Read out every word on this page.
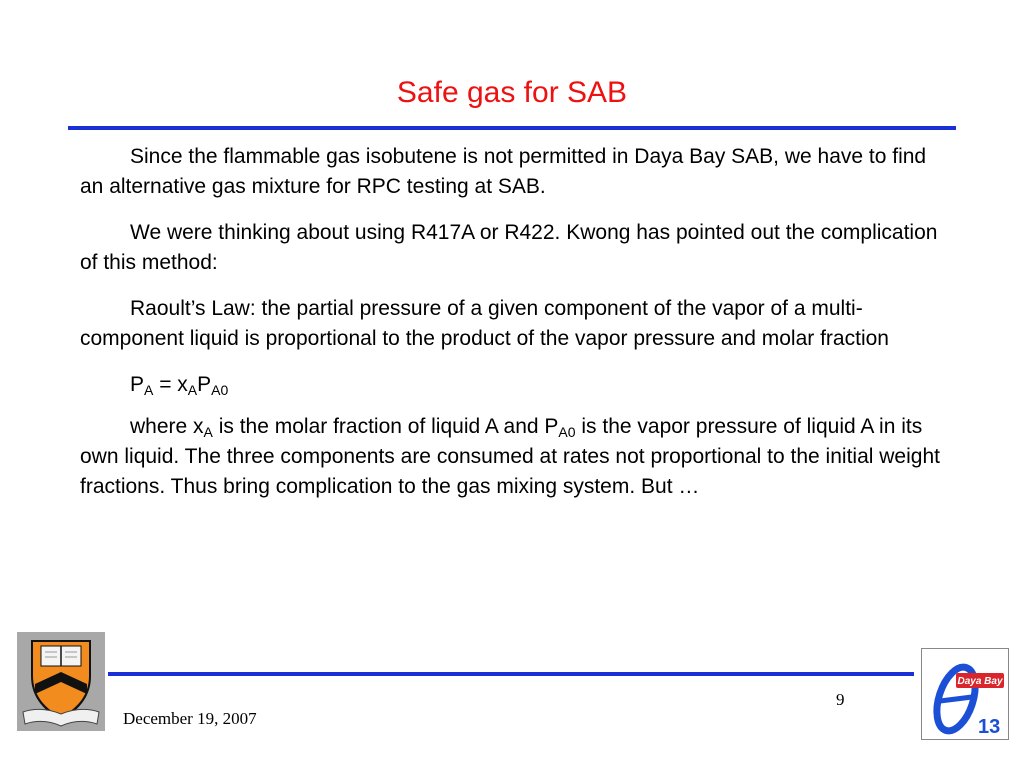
Safe gas for SAB

Since the flammable gas isobutene is not permitted in Daya Bay SAB, we have to find an alternative gas mixture for RPC testing at SAB.

We were thinking about using R417A or R422. Kwong has pointed out the complication of this method:

Raoult’s Law: the partial pressure of a given component of the vapor of a multi-component liquid is proportional to the product of the vapor pressure and molar fraction

$P_A = x_AP_{A0}$

where $x_A$ is the molar fraction of liquid A and $P_{A0}$ is the vapor pressure of liquid A in its own liquid. The three components are consumed at rates not proportional to the initial weight fractions. Thus bring complication to the gas mixing system. But …

9
December 19, 2007
Daya Bay
13
